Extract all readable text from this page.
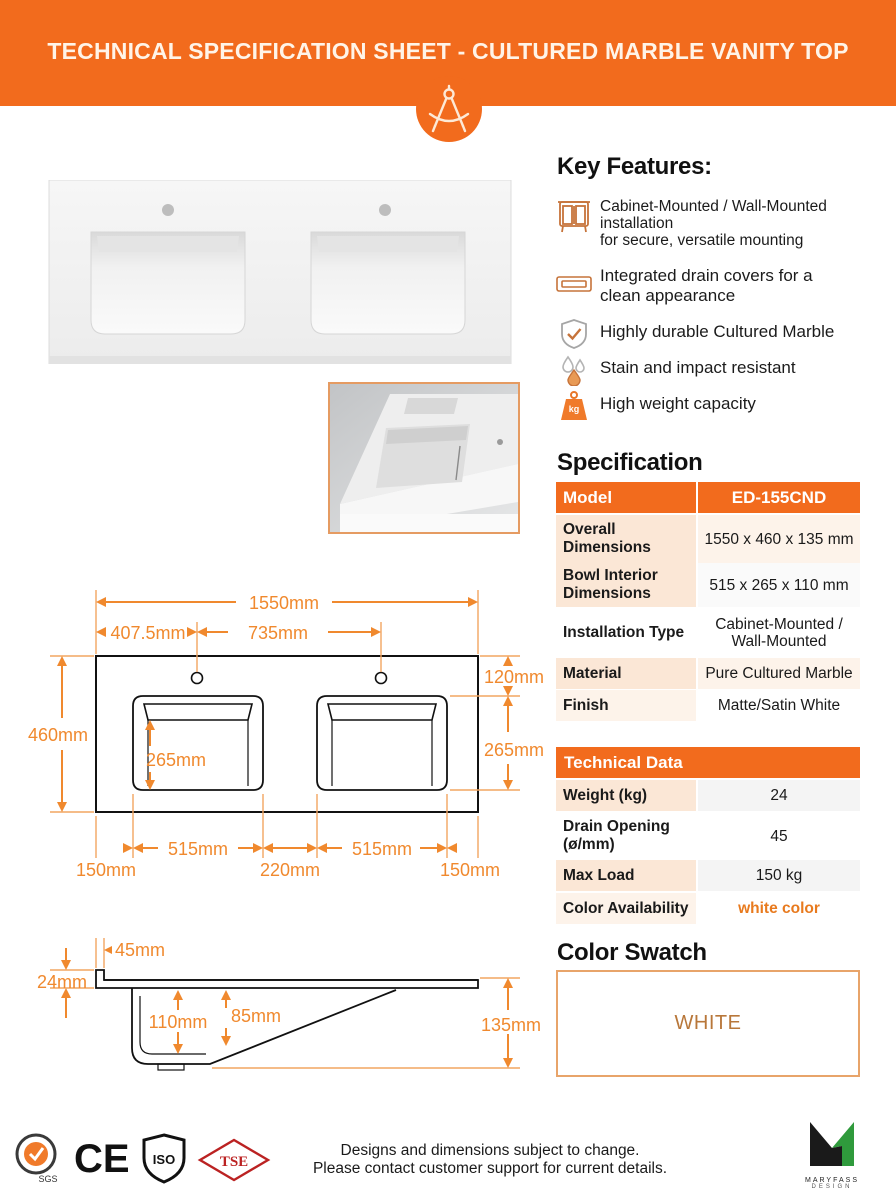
TECHNICAL SPECIFICATION SHEET - CULTURED MARBLE VANITY TOP
Key Features:
Cabinet-Mounted / Wall-Mounted
installation
for secure, versatile mounting
Integrated drain covers for a
clean appearance
Highly durable Cultured Marble
Stain and impact resistant
kg	High weight capacity
Specification
Model	ED-155CND
Overall Dimensions	1550 x 460 x 135 mm
Bowl Interior Dimensions	515 x 265 x 110 mm
Installation Type	Cabinet-Mounted / Wall-Mounted
Material	Pure Cultured Marble
Finish	Matte/Satin White
Technical Data
Weight (kg)	24
Drain Opening (ø/mm)	45
Max Load	150 kg
Color Availability	white color
Color Swatch
WHITE
1550mm
407.5mm	735mm
460mm
120mm
265mm
265mm
515mm	515mm
150mm	220mm	150mm
45mm
24mm
110mm 85mm	135mm
SGS CE ISO	TSE
Designs and dimensions subject to change.
Please contact customer support for current details.
MARYFASS
DESIGN
